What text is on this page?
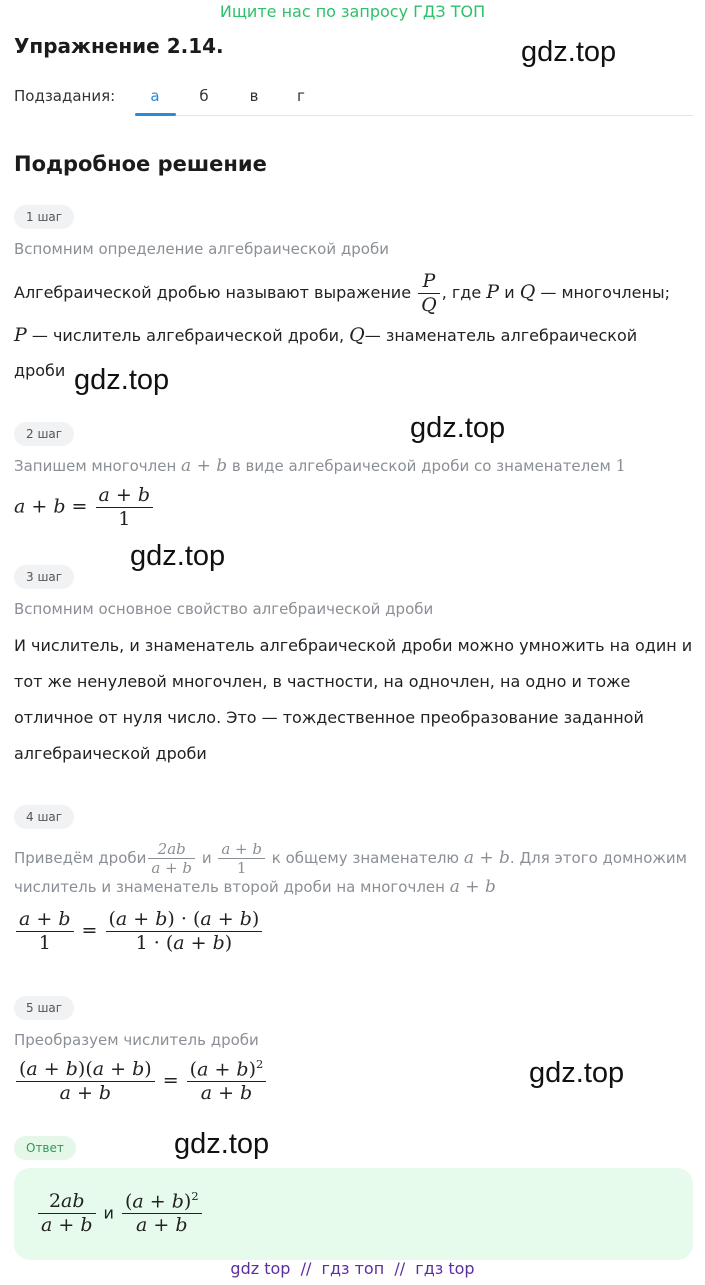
Ищите нас по запросу ГДЗ ТОП
Упражнение 2.14.	gdz.top
gdz.top
gdz.top
gdz.top
gdz.top
gdz.top
Подзадания:	а	б	в	г
Подробное решение
1 шаг
Вспомним определение алгебраической дроби
Алгебраической дробью называют выражение $\frac{P}{Q}$ , где P и Q — многочлены;
P — числитель алгебраической дроби, Q— знаменатель алгебраической
дроби
2 шаг
Запишем многочлен a + b в виде алгебраической дроби со знаменателем 1
$a + b = \frac{a + b}{1}$
3 шаг
Вспомним основное свойство алгебраической дроби
И числитель, и знаменатель алгебраической дроби можно умножить на один и
тот же ненулевой многочлен, в частности, на одночлен, на одно и тоже
отличное от нуля число. Это — тождественное преобразование заданной
алгебраической дроби
4 шаг
Приведём дроби $\frac{2ab}{a + b}$ и $\frac{a + b}{1}$ к общему знаменателю a + b. Для этого домножим
числитель и знаменатель второй дроби на многочлен a + b
$\frac{a + b}{1} = \frac{(a + b) \cdot (a + b)}{1 \cdot (a + b)}$
5 шаг
Преобразуем числитель дроби
$\frac{(a + b)(a + b)}{a + b} = \frac{(a + b)^2}{a + b}$
Ответ
$\frac{2ab}{a + b}$ и $\frac{(a + b)^2}{a + b}$
gdz top  //  гдз топ  //  гдз top
